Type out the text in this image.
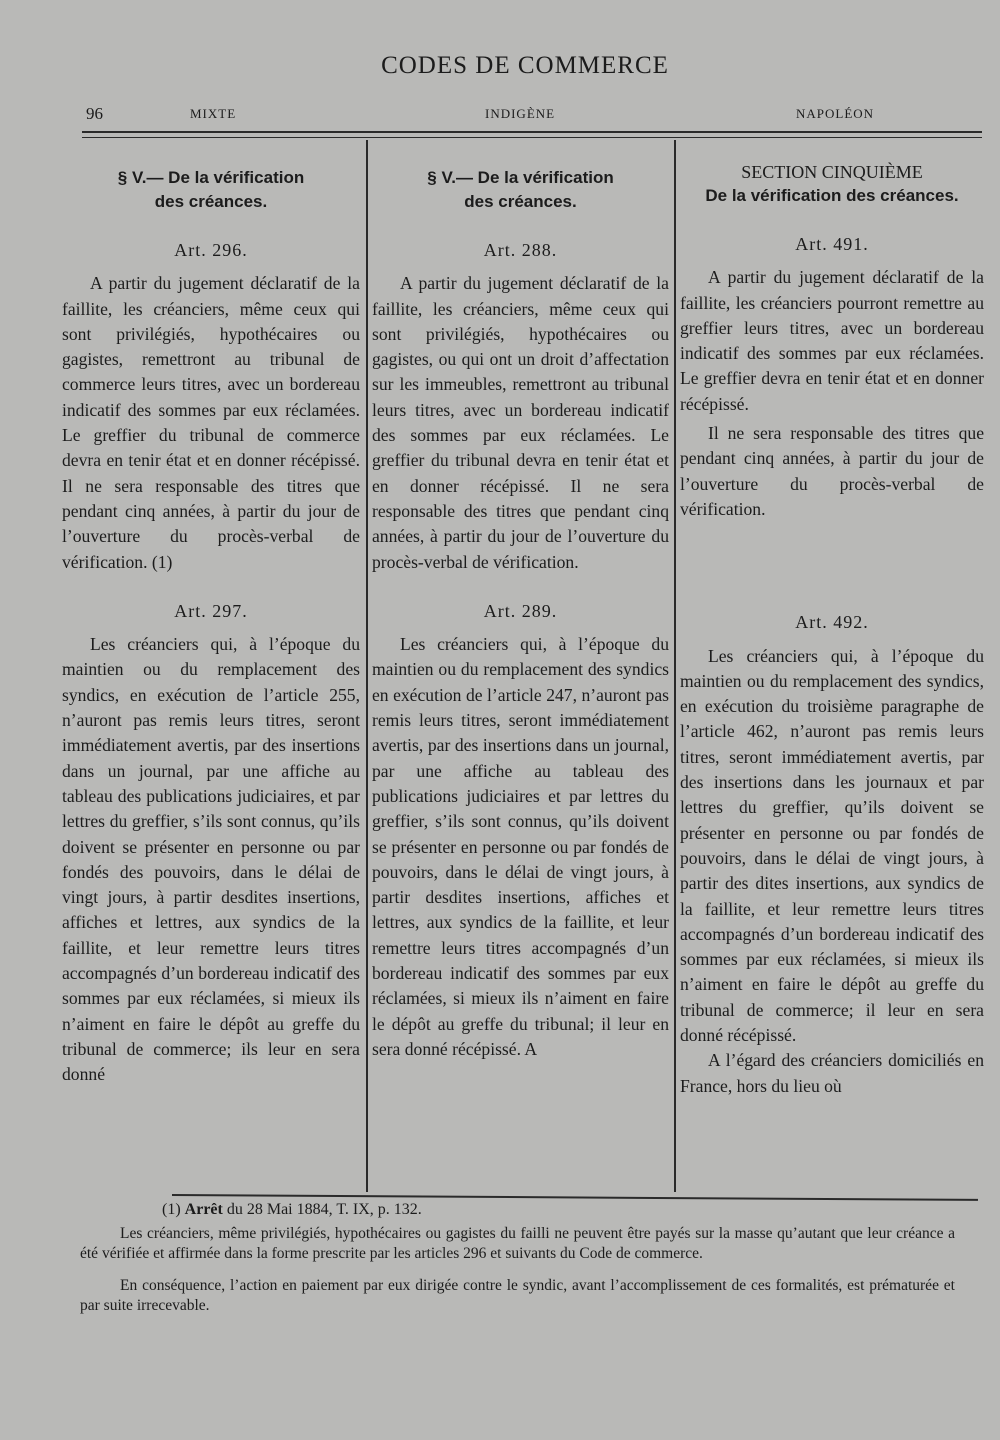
CODES DE COMMERCE
96	MIXTE	INDIGÈNE	NAPOLÉON
§ V.— De la vérification
des créances.
Art. 296.

A partir du jugement déclaratif de la faillite, les créanciers, même ceux qui sont privilégiés, hypothécaires ou gagistes, remettront au tribunal de commerce leurs titres, avec un bordereau indicatif des sommes par eux réclamées. Le greffier du tribunal de commerce devra en tenir état et en donner récépissé. Il ne sera responsable des titres que pendant cinq années, à partir du jour de l’ouverture du procès-verbal de vérification. (1)

Art. 297.

Les créanciers qui, à l’époque du maintien ou du remplacement des syndics, en exécution de l’article 255, n’auront pas remis leurs titres, seront immédiatement avertis, par des insertions dans un journal, par une affiche au tableau des publications judiciaires, et par lettres du greffier, s’ils sont connus, qu’ils doivent se présenter en personne ou par fondés des pouvoirs, dans le délai de vingt jours, à partir desdites insertions, affiches et lettres, aux syndics de la faillite, et leur remettre leurs titres accompagnés d’un bordereau indicatif des sommes par eux réclamées, si mieux ils n’aiment en faire le dépôt au greffe du tribunal de commerce; ils leur en sera donné

§ V.— De la vérification
des créances.
Art. 288.

A partir du jugement déclaratif de la faillite, les créanciers, même ceux qui sont privilégiés, hypothécaires ou gagistes, ou qui ont un droit d’affectation sur les immeubles, remettront au tribunal leurs titres, avec un bordereau indicatif des sommes par eux réclamées. Le greffier du tribunal devra en tenir état et en donner récépissé. Il ne sera responsable des titres que pendant cinq années, à partir du jour de l’ouverture du procès-verbal de vérification.

Art. 289.

Les créanciers qui, à l’époque du maintien ou du remplacement des syndics en exécution de l’article 247, n’auront pas remis leurs titres, seront immédiatement avertis, par des insertions dans un journal, par une affiche au tableau des publications judiciaires et par lettres du greffier, s’ils sont connus, qu’ils doivent se présenter en personne ou par fondés de pouvoirs, dans le délai de vingt jours, à partir desdites insertions, affiches et lettres, aux syndics de la faillite, et leur remettre leurs titres accompagnés d’un bordereau indicatif des sommes par eux réclamées, si mieux ils n’aiment en faire le dépôt au greffe du tribunal; il leur en sera donné récépissé. A

SECTION CINQUIÈME
De la vérification des créances.
Art. 491.

A partir du jugement déclaratif de la faillite, les créanciers pourront remettre au greffier leurs titres, avec un bordereau indicatif des sommes par eux réclamées. Le greffier devra en tenir état et en donner récépissé.

Il ne sera responsable des titres que pendant cinq années, à partir du jour de l’ouverture du procès-verbal de vérification.

Art. 492.

Les créanciers qui, à l’époque du maintien ou du remplacement des syndics, en exécution du troisième paragraphe de l’article 462, n’auront pas remis leurs titres, seront immédiatement avertis, par des insertions dans les journaux et par lettres du greffier, qu’ils doivent se présenter en personne ou par fondés de pouvoirs, dans le délai de vingt jours, à partir des dites insertions, aux syndics de la faillite, et leur remettre leurs titres accompagnés d’un bordereau indicatif des sommes par eux réclamées, si mieux ils n’aiment en faire le dépôt au greffe du tribunal de commerce; il leur en sera donné récépissé.

A l’égard des créanciers domiciliés en France, hors du lieu où

(1) Arrêt du 28 Mai 1884, T. IX, p. 132.

Les créanciers, même privilégiés, hypothécaires ou gagistes du failli ne peuvent être payés sur la masse qu’autant que leur créance a été vérifiée et affirmée dans la forme prescrite par les articles 296 et suivants du Code de commerce.

En conséquence, l’action en paiement par eux dirigée contre le syndic, avant l’accomplissement de ces formalités, est prématurée et par suite irrecevable.
